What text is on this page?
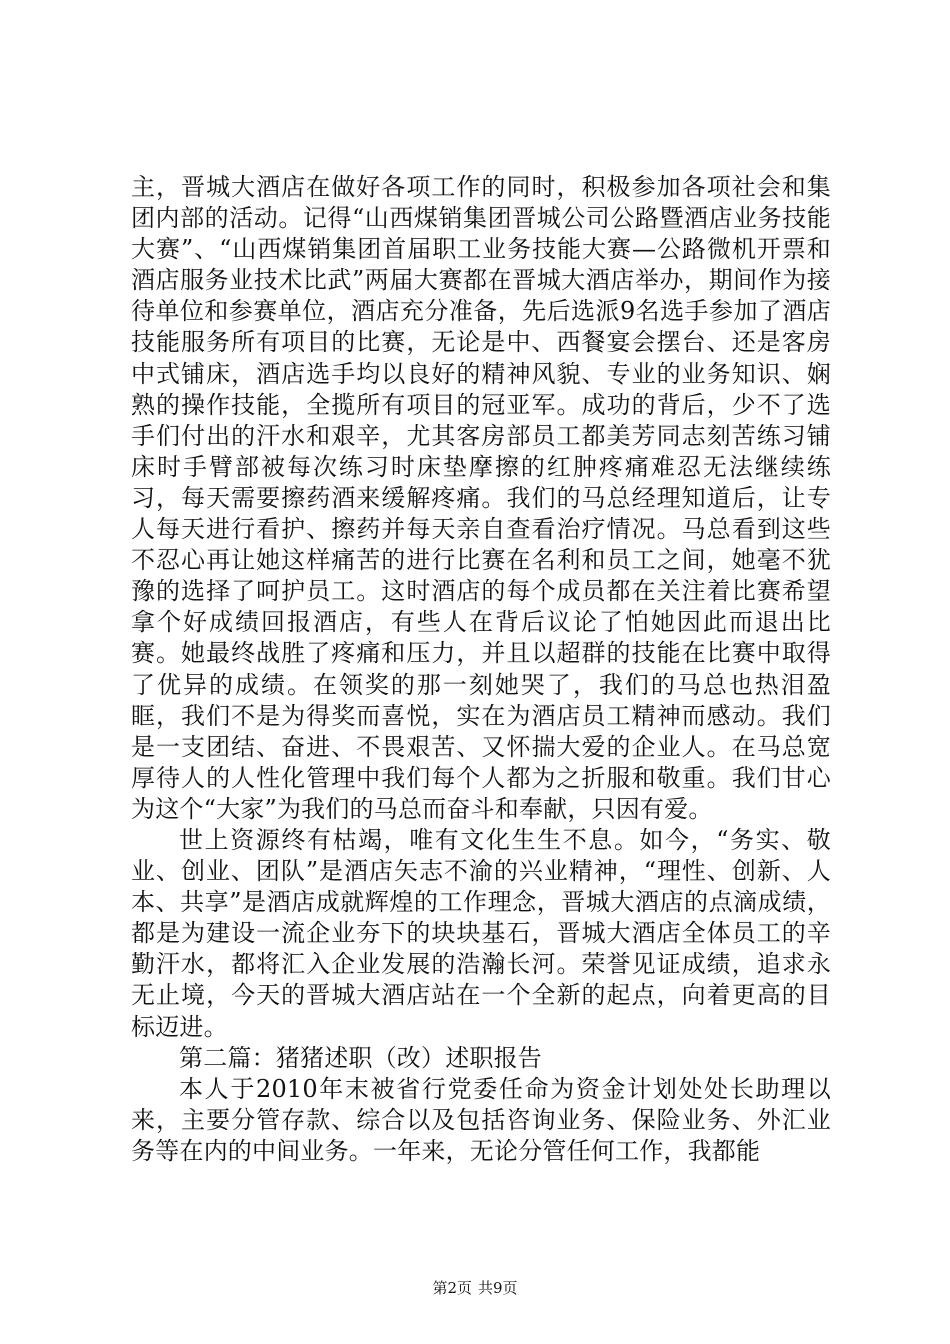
主，晋城大酒店在做好各项工作的同时，积极参加各项社会和集团内部的活动。记得“山西煤销集团晋城公司公路暨酒店业务技能大赛”、“山西煤销集团首届职工业务技能大赛—公路微机开票和酒店服务业技术比武”两届大赛都在晋城大酒店举办，期间作为接待单位和参赛单位，酒店充分准备，先后选派9名选手参加了酒店技能服务所有项目的比赛，无论是中、西餐宴会摆台、还是客房中式铺床，酒店选手均以良好的精神风貌、专业的业务知识、娴熟的操作技能，全揽所有项目的冠亚军。成功的背后，少不了选手们付出的汗水和艰辛，尤其客房部员工都美芳同志刻苦练习铺床时手臂部被每次练习时床垫摩擦的红肿疼痛难忍无法继续练习，每天需要擦药酒来缓解疼痛。我们的马总经理知道后，让专人每天进行看护、擦药并每天亲自查看治疗情况。马总看到这些不忍心再让她这样痛苦的进行比赛在名利和员工之间，她毫不犹豫的选择了呵护员工。这时酒店的每个成员都在关注着比赛希望拿个好成绩回报酒店，有些人在背后议论了怕她因此而退出比赛。她最终战胜了疼痛和压力，并且以超群的技能在比赛中取得了优异的成绩。在领奖的那一刻她哭了，我们的马总也热泪盈眶，我们不是为得奖而喜悦，实在为酒店员工精神而感动。我们是一支团结、奋进、不畏艰苦、又怀揣大爱的企业人。在马总宽厚待人的人性化管理中我们每个人都为之折服和敬重。我们甘心为这个“大家”为我们的马总而奋斗和奉献，只因有爱。

世上资源终有枯竭，唯有文化生生不息。如今，“务实、敬业、创业、团队”是酒店矢志不渝的兴业精神，“理性、创新、人本、共享”是酒店成就辉煌的工作理念，晋城大酒店的点滴成绩，都是为建设一流企业夯下的块块基石，晋城大酒店全体员工的辛勤汗水，都将汇入企业发展的浩瀚长河。荣誉见证成绩，追求永无止境，今天的晋城大酒店站在一个全新的起点，向着更高的目标迈进。

第二篇：猪猪述职（改）述职报告

本人于2010年末被省行党委任命为资金计划处处长助理以来，主要分管存款、综合以及包括咨询业务、保险业务、外汇业务等在内的中间业务。一年来，无论分管任何工作，我都能

第2页 共9页
